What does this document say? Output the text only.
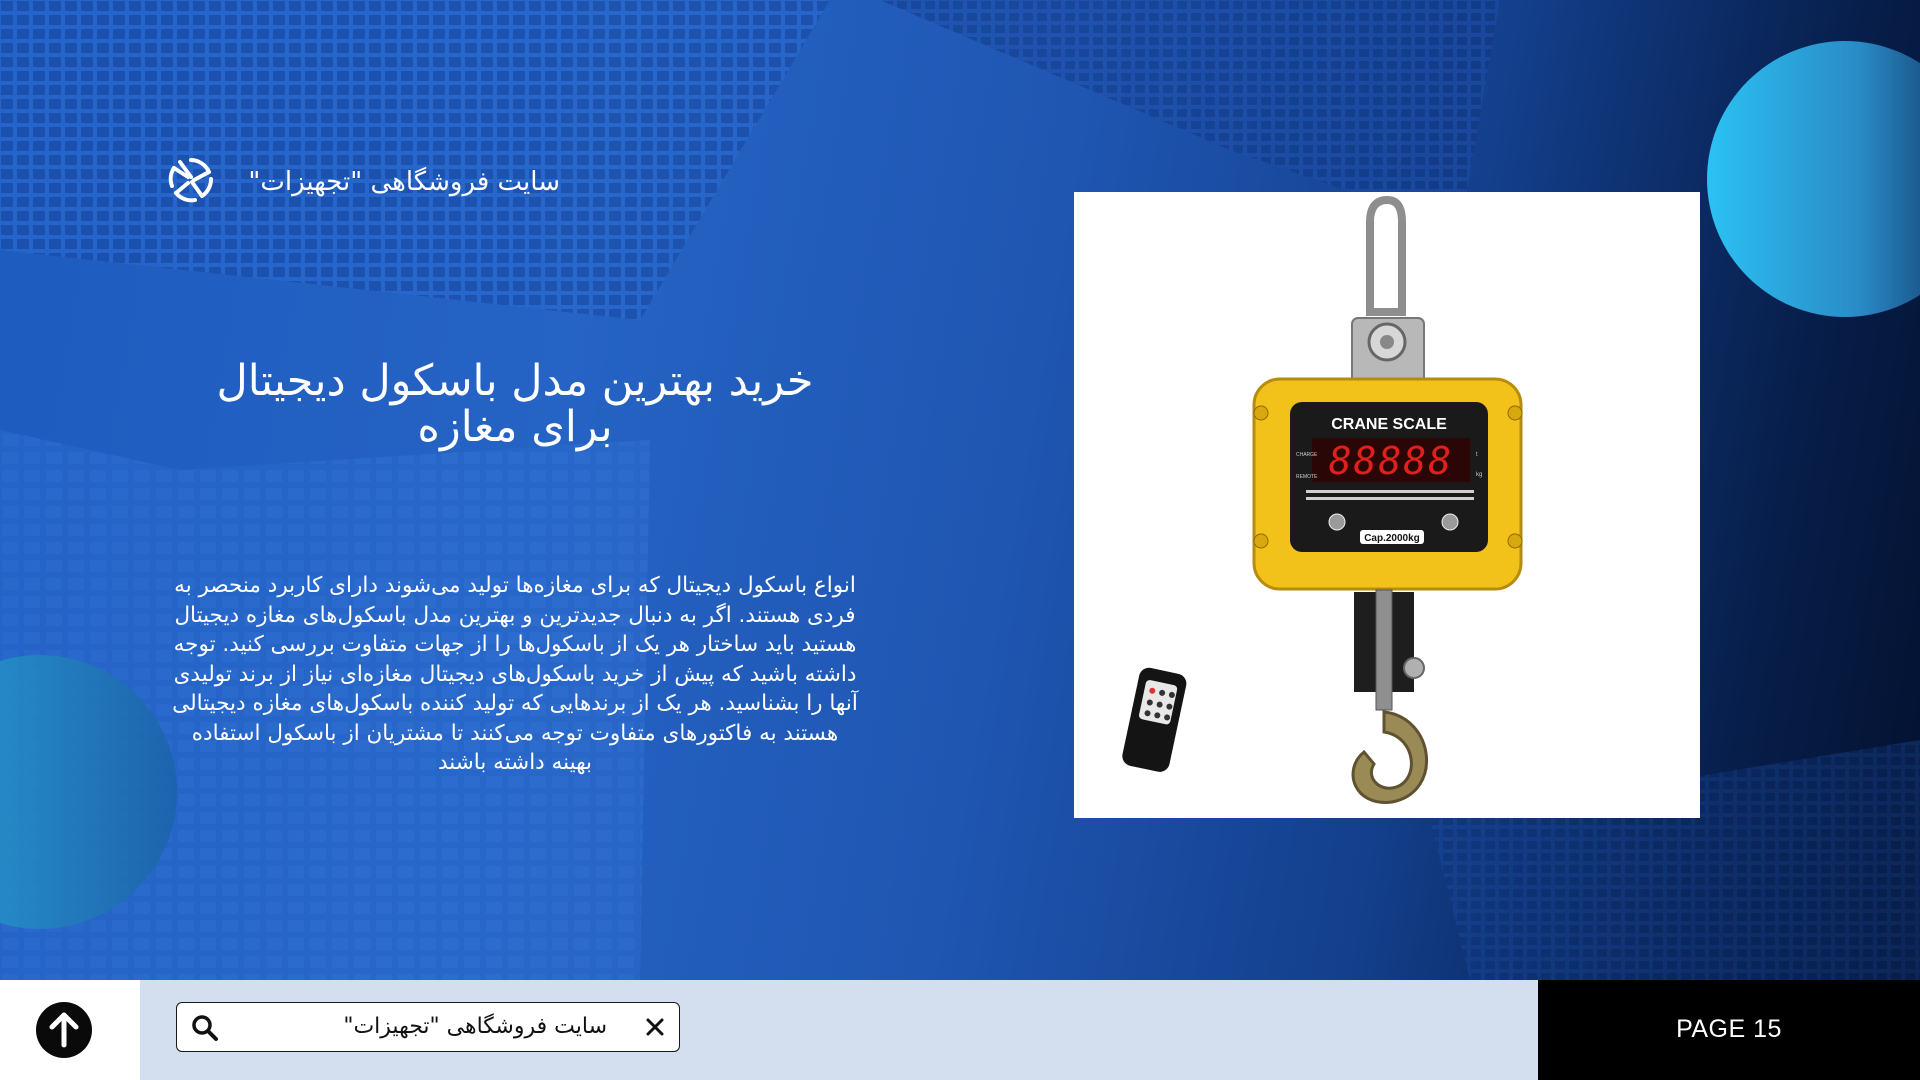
سایت فروشگاهی "تجهیزات"
خرید بهترین مدل باسکول دیجیتال برای مغازه
انواع باسکول دیجیتال که برای مغازه‌ها تولید می‌شوند دارای کاربرد منحصر به فردی هستند. اگر به دنبال جدیدترین و بهترین مدل باسکول‌های مغازه دیجیتال هستید باید ساختار هر یک از باسکول‌ها را از جهات متفاوت بررسی کنید. توجه داشته باشید که پیش از خرید باسکول‌های دیجیتال مغازه‌ای نیاز از برند تولیدی آنها را بشناسید. هر یک از برندهایی که تولید کننده باسکول‌های مغازه دیجیتالی هستند به فاکتورهای متفاوت توجه می‌کنند تا مشتریان از باسکول استفاده بهینه داشته باشند
CRANE SCALE
88888
CHARGE
REMOTE
t
kg
Cap.2000kg
سایت فروشگاهی "تجهیزات"	PAGE 15
